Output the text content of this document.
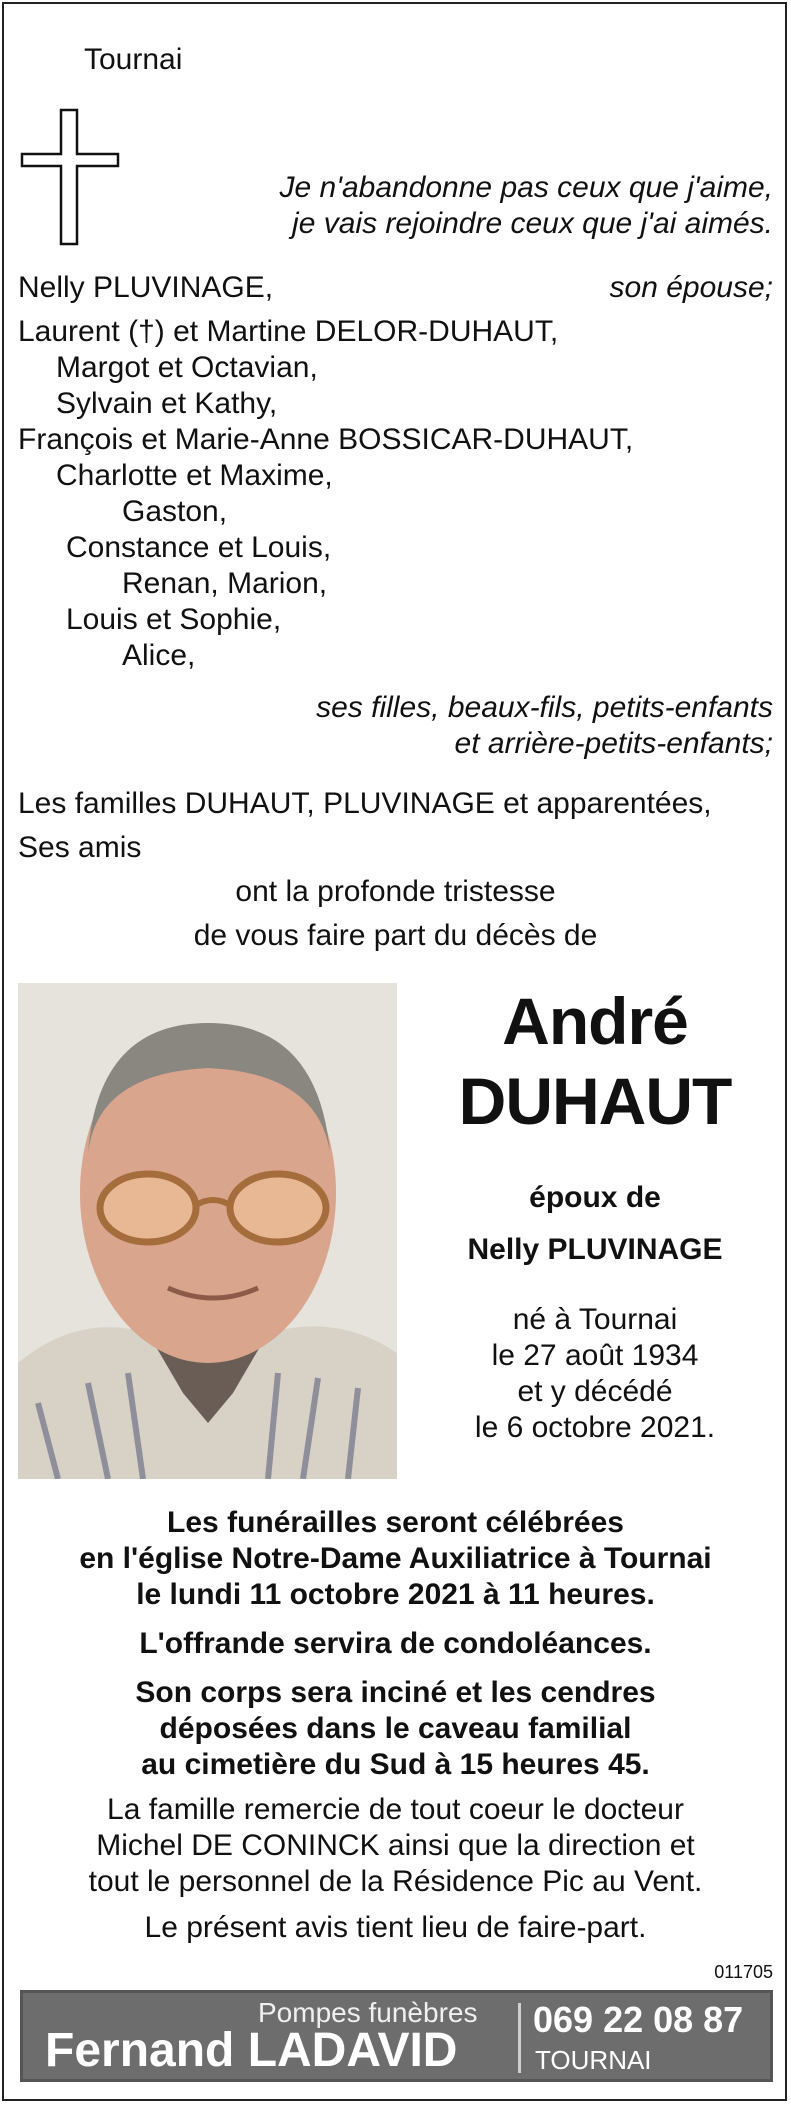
Tournai
Je n'abandonne pas ceux que j'aime,
je vais rejoindre ceux que j'ai aimés.
Nelly PLUVINAGE,	son épouse;
Laurent (†) et Martine DELOR-DUHAUT,
Margot et Octavian,
Sylvain et Kathy,
François et Marie-Anne BOSSICAR-DUHAUT,
Charlotte et Maxime,
Gaston,
Constance et Louis,
Renan, Marion,
Louis et Sophie,
Alice,
ses filles, beaux-fils, petits-enfants
et arrière-petits-enfants;
Les familles DUHAUT, PLUVINAGE et apparentées,
Ses amis
ont la profonde tristesse
de vous faire part du décès de
André
DUHAUT
époux de
Nelly PLUVINAGE
né à Tournai
le 27 août 1934
et y décédé
le 6 octobre 2021.
Les funérailles seront célébrées
en l'église Notre-Dame Auxiliatrice à Tournai
le lundi 11 octobre 2021 à 11 heures.
L'offrande servira de condoléances.
Son corps sera inciné et les cendres
déposées dans le caveau familial
au cimetière du Sud à 15 heures 45.
La famille remercie de tout coeur le docteur
Michel DE CONINCK ainsi que la direction et
tout le personnel de la Résidence Pic au Vent.
Le présent avis tient lieu de faire-part.
011705
Pompes funèbres
Fernand LADAVID
069 22 08 87
TOURNAI
